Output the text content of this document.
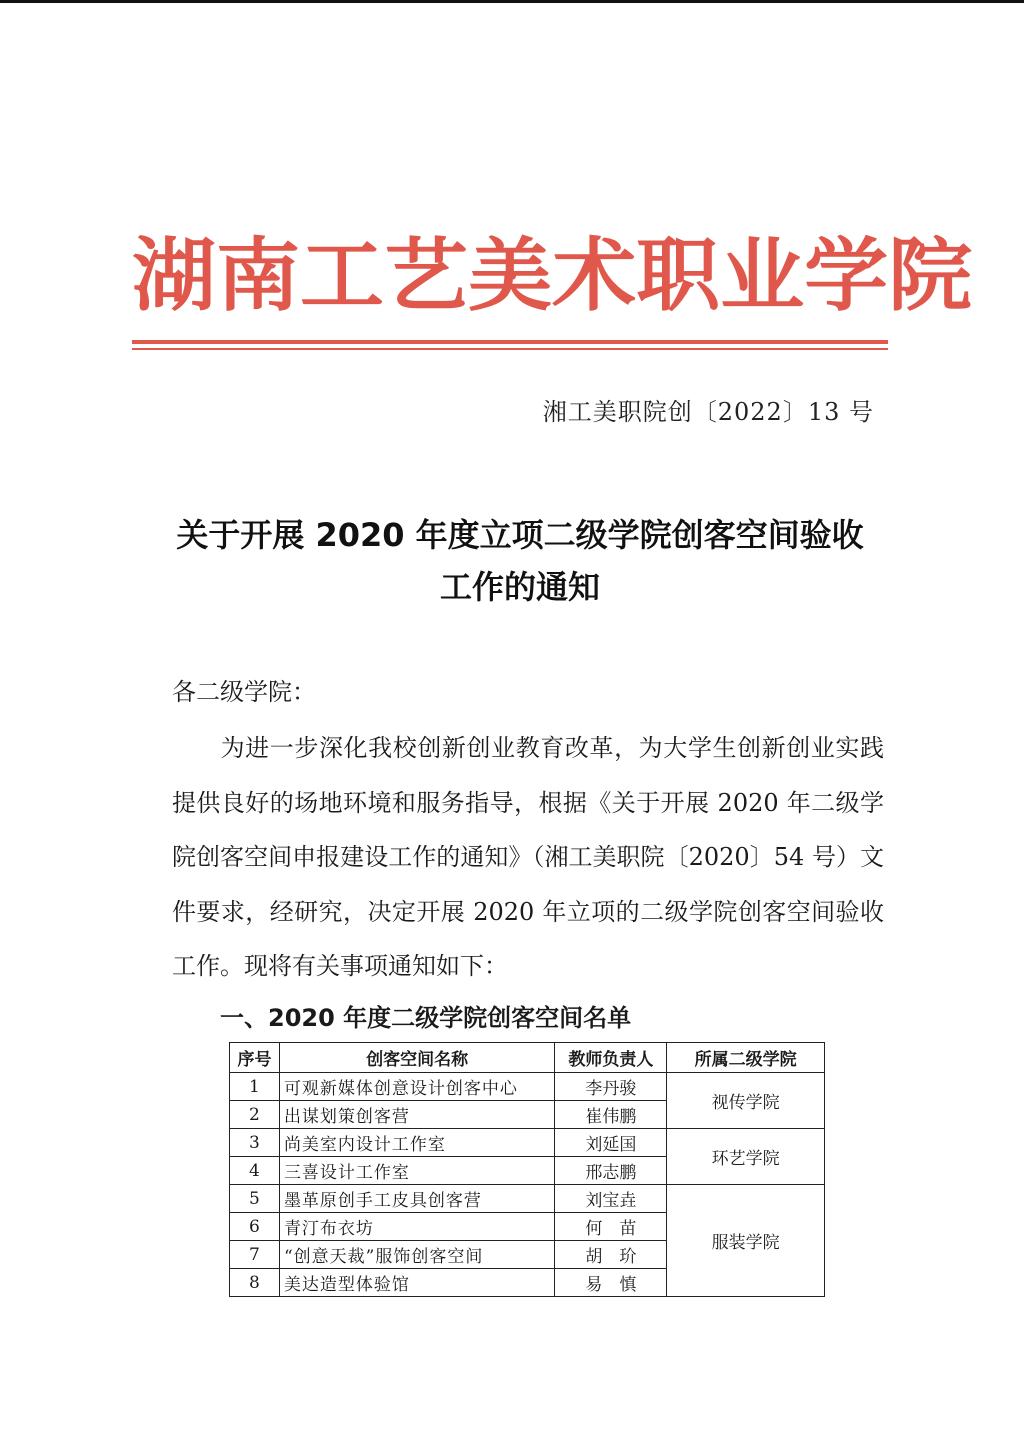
湖 南 工 艺 美 术 职 业 学 院
湘工美职院创〔2022〕13 号
关于开展 2020 年度立项二级学院创客空间验收
工作的通知
各二级学院：
为进一步深化我校创新创业教育改革，为大学生创新创业实践提供良好的场地环境和服务指导，根据《关于开展 2020 年二级学院创客空间申报建设工作的通知》（湘工美职院〔2020〕54 号）文件要求，经研究，决定开展 2020 年立项的二级学院创客空间验收工作。现将有关事项通知如下：
一、2020 年度二级学院创客空间名单
序号	创客空间名称	教师负责人	所属二级学院
1	可观新媒体创意设计创客中心	李丹骏	视传学院
2	出谋划策创客营	崔伟鹏	
3	尚美室内设计工作室	刘延国	环艺学院
4	三喜设计工作室	邢志鹏	
5	墨革原创手工皮具创客营	刘宝垚	服装学院
6	青汀布衣坊	何　苗	
7	“创意天裁”服饰创客空间	胡　玠	
8	美达造型体验馆	易　慎	
